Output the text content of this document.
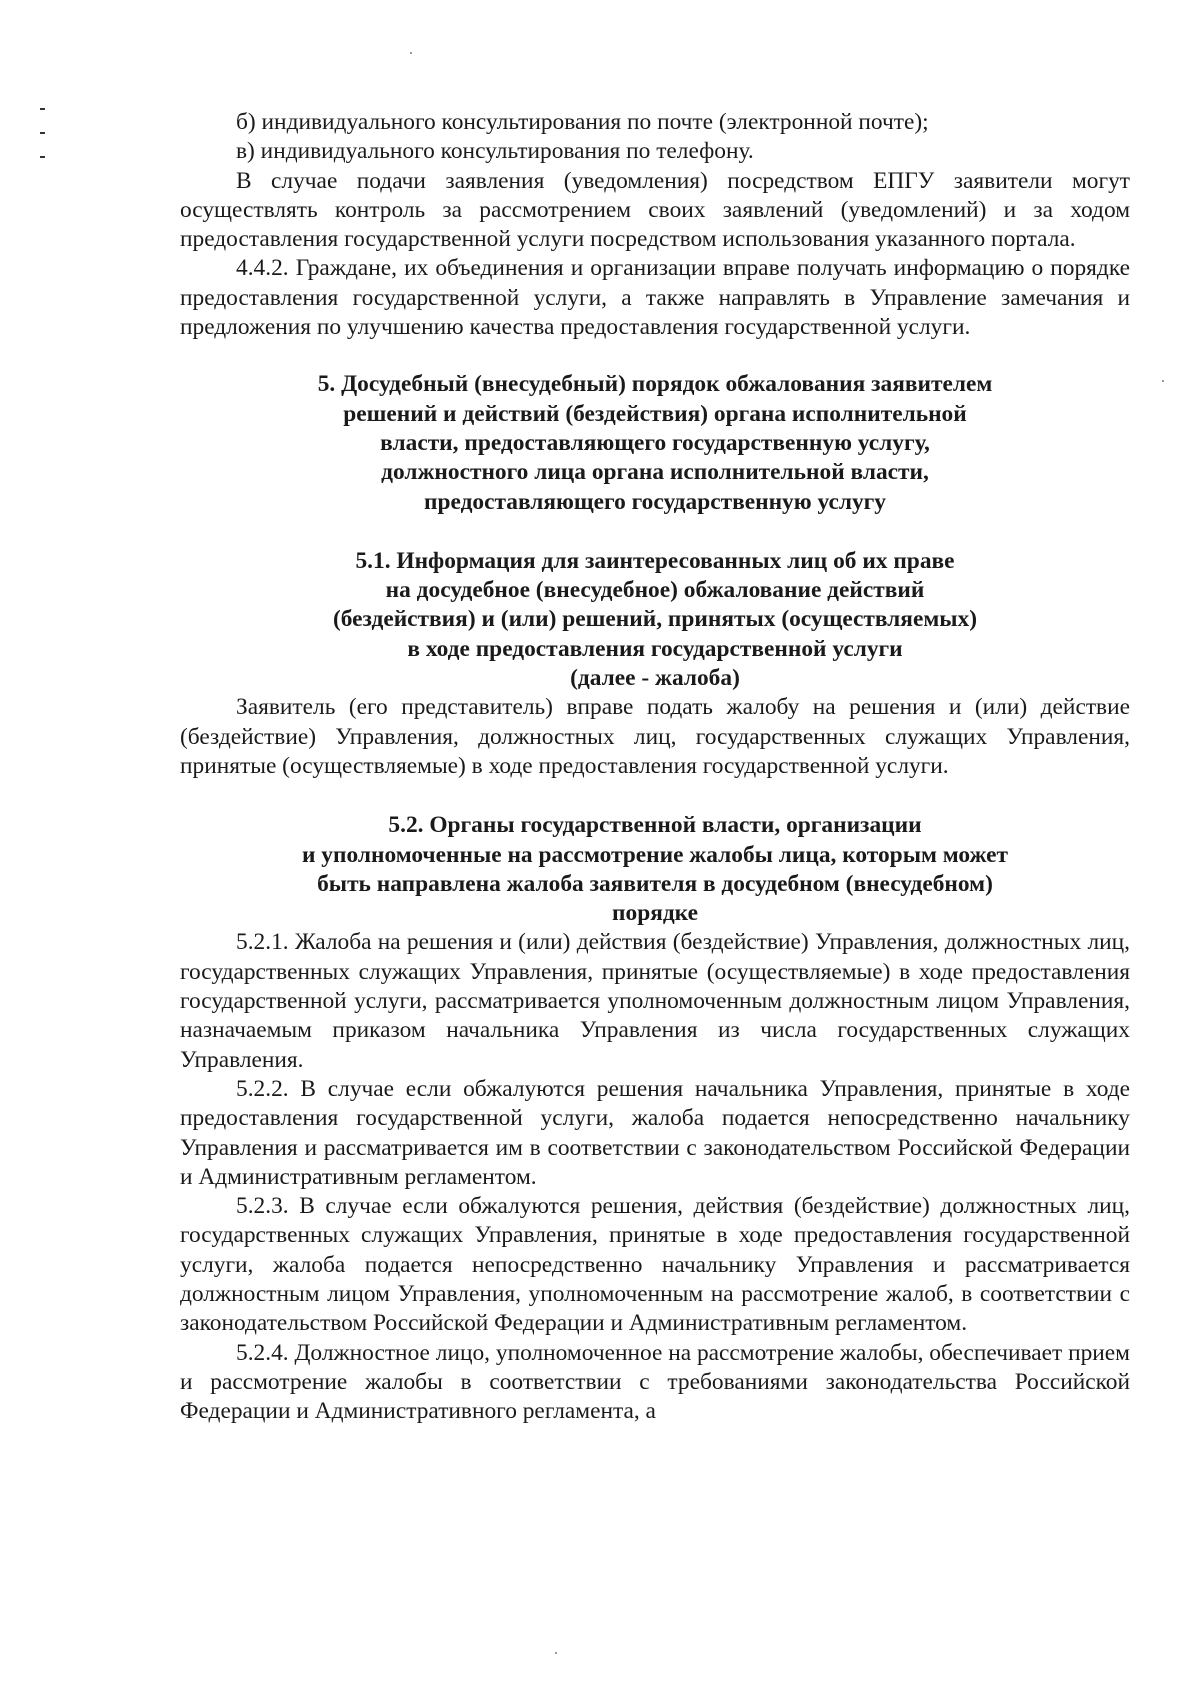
б) индивидуального консультирования по почте (электронной почте);

в) индивидуального консультирования по телефону.

В случае подачи заявления (уведомления) посредством ЕПГУ заявители могут осуществлять контроль за рассмотрением своих заявлений (уведомлений) и за ходом предоставления государственной услуги посредством использования указанного портала.

4.4.2. Граждане, их объединения и организации вправе получать информацию о порядке предоставления государственной услуги, а также направлять в Управление замечания и предложения по улучшению качества предоставления государственной услуги.

5. Досудебный (внесудебный) порядок обжалования заявителем

решений и действий (бездействия) органа исполнительной

власти, предоставляющего государственную услугу,

должностного лица органа исполнительной власти,

предоставляющего государственную услугу

5.1. Информация для заинтересованных лиц об их праве

на досудебное (внесудебное) обжалование действий

(бездействия) и (или) решений, принятых (осуществляемых)

в ходе предоставления государственной услуги

(далее - жалоба)

Заявитель (его представитель) вправе подать жалобу на решения и (или) действие (бездействие) Управления, должностных лиц, государственных служащих Управления, принятые (осуществляемые) в ходе предоставления государственной услуги.

5.2. Органы государственной власти, организации

и уполномоченные на рассмотрение жалобы лица, которым может

быть направлена жалоба заявителя в досудебном (внесудебном)

порядке

5.2.1. Жалоба на решения и (или) действия (бездействие) Управления, должностных лиц, государственных служащих Управления, принятые (осуществляемые) в ходе предоставления государственной услуги, рассматривается уполномоченным должностным лицом Управления, назначаемым приказом начальника Управления из числа государственных служащих Управления.

5.2.2. В случае если обжалуются решения начальника Управления, принятые в ходе предоставления государственной услуги, жалоба подается непосредственно начальнику Управления и рассматривается им в соответствии с законодательством Российской Федерации и Административным регламентом.

5.2.3. В случае если обжалуются решения, действия (бездействие) должностных лиц, государственных служащих Управления, принятые в ходе предоставления государственной услуги, жалоба подается непосредственно начальнику Управления и рассматривается должностным лицом Управления, уполномоченным на рассмотрение жалоб, в соответствии с законодательством Российской Федерации и Административным регламентом.

5.2.4. Должностное лицо, уполномоченное на рассмотрение жалобы, обеспечивает прием и рассмотрение жалобы в соответствии с требованиями законодательства Российской Федерации и Административного регламента, а
